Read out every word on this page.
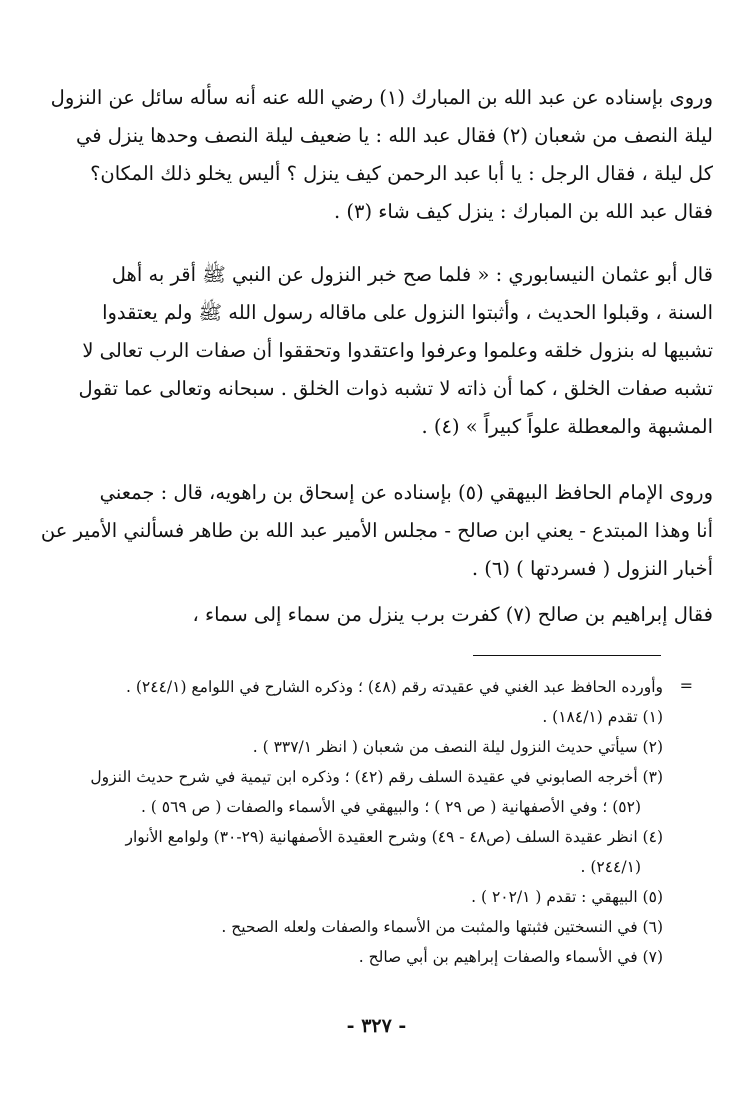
وروى بإسناده عن عبد الله بن المبارك (١) رضي الله عنه أنه سأله سائل عن النزول
ليلة النصف من شعبان (٢) فقال عبد الله : يا ضعيف ليلة النصف وحدها ينزل في
كل ليلة ، فقال الرجل : يا أبا عبد الرحمن كيف ينزل ؟ أليس يخلو ذلك المكان؟
فقال عبد الله بن المبارك : ينزل كيف شاء (٣) .

قال أبو عثمان النيسابوري : « فلما صح خبر النزول عن النبي ﷺ أقر به أهل
السنة ، وقبلوا الحديث ، وأثبتوا النزول على ماقاله رسول الله ﷺ ولم يعتقدوا
تشبيها له بنزول خلقه وعلموا وعرفوا واعتقدوا وتحققوا أن صفات الرب تعالى لا
تشبه صفات الخلق ، كما أن ذاته لا تشبه ذوات الخلق . سبحانه وتعالى عما تقول
المشبهة والمعطلة علواً كبيراً » (٤) .

وروى الإمام الحافظ البيهقي (٥) بإسناده عن إسحاق بن راهويه، قال : جمعني
أنا وهذا المبتدع - يعني ابن صالح - مجلس الأمير عبد الله بن طاهر فسألني الأمير عن
أخبار النزول ( فسردتها ) (٦) .

فقال إبراهيم بن صالح (٧) كفرت برب ينزل من سماء إلى سماء ،

=
وأورده الحافظ عبد الغني في عقيدته رقم (٤٨) ؛ وذكره الشارح في اللوامع (٢٤٤/١) .
(١) تقدم (١٨٤/١) .
(٢) سيأتي حديث النزول ليلة النصف من شعبان ( انظر ٣٣٧/١ ) .
(٣) أخرجه الصابوني في عقيدة السلف رقم (٤٢) ؛ وذكره ابن تيمية في شرح حديث النزول
(٥٢) ؛ وفي الأصفهانية ( ص ٢٩ ) ؛ والبيهقي في الأسماء والصفات ( ص ٥٦٩ ) .
(٤) انظر عقيدة السلف (ص٤٨ - ٤٩) وشرح العقيدة الأصفهانية (٢٩-٣٠) ولوامع الأنوار
(٢٤٤/١) .
(٥) البيهقي : تقدم ( ٢٠٢/١ ) .
(٦) في النسختين فثبتها والمثبت من الأسماء والصفات ولعله الصحيح .
(٧) في الأسماء والصفات إبراهيم بن أبي صالح .
- ٣٢٧ -
